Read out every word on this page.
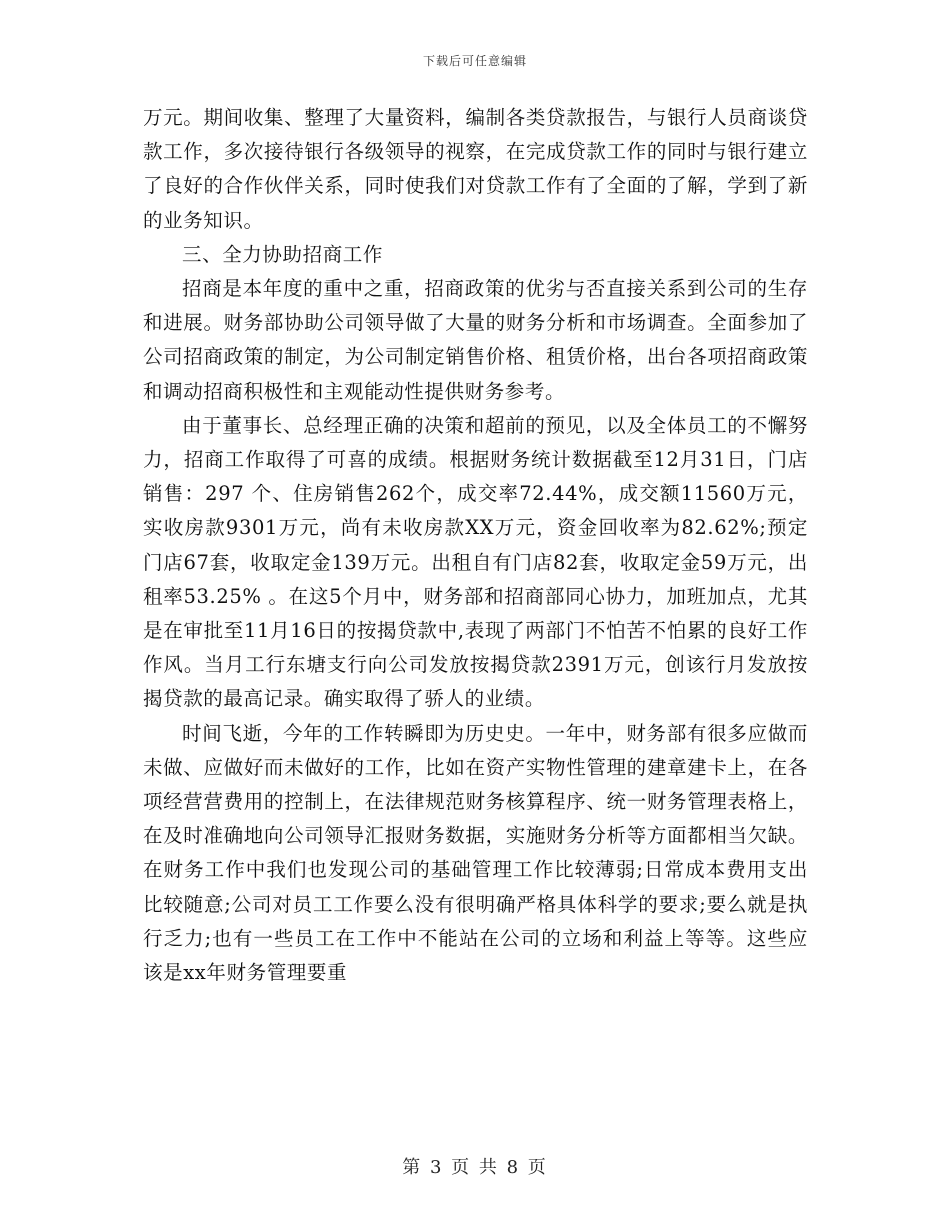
下载后可任意编辑

万元。期间收集、整理了大量资料，编制各类贷款报告，与银行人员商谈贷款工作，多次接待银行各级领导的视察，在完成贷款工作的同时与银行建立了良好的合作伙伴关系，同时使我们对贷款工作有了全面的了解，学到了新的业务知识。

三、全力协助招商工作

招商是本年度的重中之重，招商政策的优劣与否直接关系到公司的生存和进展。财务部协助公司领导做了大量的财务分析和市场调查。全面参加了公司招商政策的制定，为公司制定销售价格、租赁价格，出台各项招商政策和调动招商积极性和主观能动性提供财务参考。

由于董事长、总经理正确的决策和超前的预见，以及全体员工的不懈努力，招商工作取得了可喜的成绩。根据财务统计数据截至12月31日，门店销售：297 个、住房销售262个，成交率72.44%，成交额11560万元，实收房款9301万元，尚有未收房款XX万元，资金回收率为82.62%;预定门店67套，收取定金139万元。出租自有门店82套，收取定金59万元，出租率53.25% 。在这5个月中，财务部和招商部同心协力，加班加点，尤其是在审批至11月16日的按揭贷款中,表现了两部门不怕苦不怕累的良好工作作风。当月工行东塘支行向公司发放按揭贷款2391万元，创该行月发放按揭贷款的最高记录。确实取得了骄人的业绩。

时间飞逝，今年的工作转瞬即为历史史。一年中，财务部有很多应做而未做、应做好而未做好的工作，比如在资产实物性管理的建章建卡上，在各项经营营费用的控制上，在法律规范财务核算程序、统一财务管理表格上，在及时准确地向公司领导汇报财务数据，实施财务分析等方面都相当欠缺。在财务工作中我们也发现公司的基础管理工作比较薄弱;日常成本费用支出比较随意;公司对员工工作要么没有很明确严格具体科学的要求;要么就是执行乏力;也有一些员工在工作中不能站在公司的立场和利益上等等。这些应该是xx年财务管理要重

第 3 页 共 8 页
